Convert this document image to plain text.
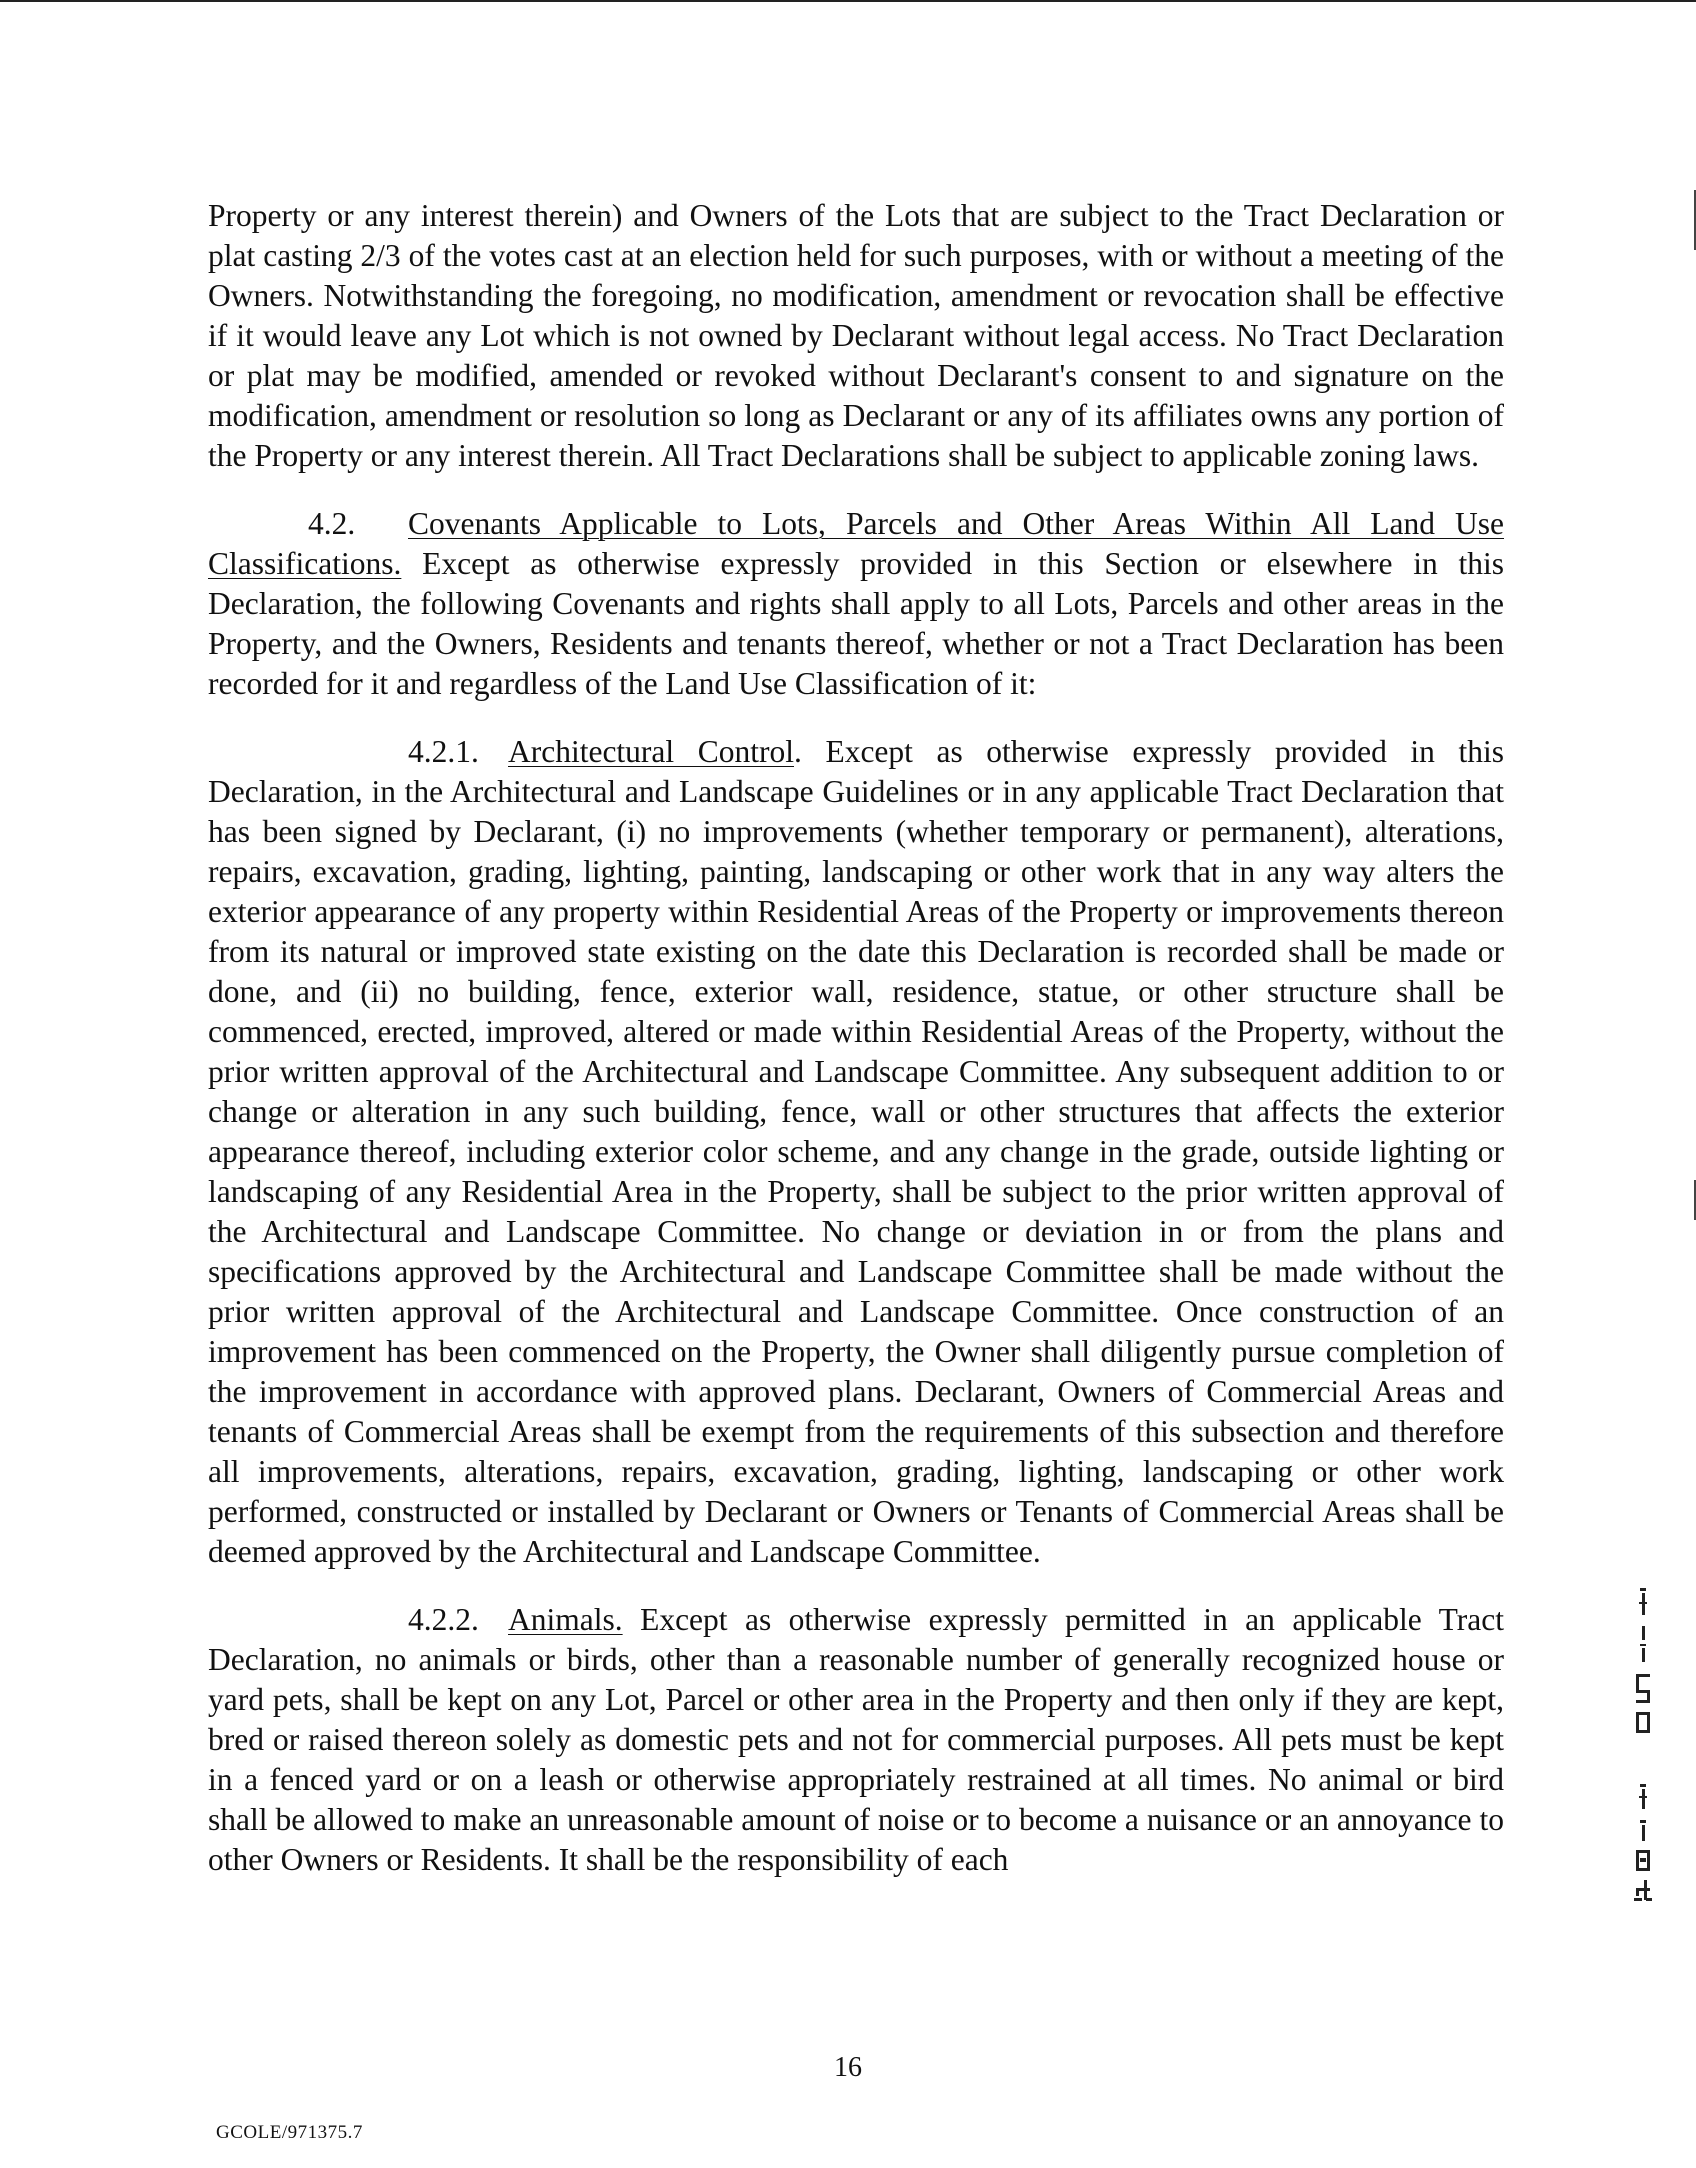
Property or any interest therein) and Owners of the Lots that are subject to the Tract Declaration or plat casting 2/3 of the votes cast at an election held for such purposes, with or without a meeting of the Owners. Notwithstanding the foregoing, no modification, amendment or revocation shall be effective if it would leave any Lot which is not owned by Declarant without legal access. No Tract Declaration or plat may be modified, amended or revoked without Declarant's consent to and signature on the modification, amendment or resolution so long as Declarant or any of its affiliates owns any portion of the Property or any interest therein. All Tract Declarations shall be subject to applicable zoning laws.

4.2. Covenants Applicable to Lots, Parcels and Other Areas Within All Land Use Classifications. Except as otherwise expressly provided in this Section or elsewhere in this Declaration, the following Covenants and rights shall apply to all Lots, Parcels and other areas in the Property, and the Owners, Residents and tenants thereof, whether or not a Tract Declaration has been recorded for it and regardless of the Land Use Classification of it:

4.2.1. Architectural Control. Except as otherwise expressly provided in this Declaration, in the Architectural and Landscape Guidelines or in any applicable Tract Declaration that has been signed by Declarant, (i) no improvements (whether temporary or permanent), alterations, repairs, excavation, grading, lighting, painting, landscaping or other work that in any way alters the exterior appearance of any property within Residential Areas of the Property or improvements thereon from its natural or improved state existing on the date this Declaration is recorded shall be made or done, and (ii) no building, fence, exterior wall, residence, statue, or other structure shall be commenced, erected, improved, altered or made within Residential Areas of the Property, without the prior written approval of the Architectural and Landscape Committee. Any subsequent addition to or change or alteration in any such building, fence, wall or other structures that affects the exterior appearance thereof, including exterior color scheme, and any change in the grade, outside lighting or landscaping of any Residential Area in the Property, shall be subject to the prior written approval of the Architectural and Landscape Committee. No change or deviation in or from the plans and specifications approved by the Architectural and Landscape Committee shall be made without the prior written approval of the Architectural and Landscape Committee. Once construction of an improvement has been commenced on the Property, the Owner shall diligently pursue completion of the improvement in accordance with approved plans. Declarant, Owners of Commercial Areas and tenants of Commercial Areas shall be exempt from the requirements of this subsection and therefore all improvements, alterations, repairs, excavation, grading, lighting, landscaping or other work performed, constructed or installed by Declarant or Owners or Tenants of Commercial Areas shall be deemed approved by the Architectural and Landscape Committee.

4.2.2. Animals. Except as otherwise expressly permitted in an applicable Tract Declaration, no animals or birds, other than a reasonable number of generally recognized house or yard pets, shall be kept on any Lot, Parcel or other area in the Property and then only if they are kept, bred or raised thereon solely as domestic pets and not for commercial purposes. All pets must be kept in a fenced yard or on a leash or otherwise appropriately restrained at all times. No animal or bird shall be allowed to make an unreasonable amount of noise or to become a nuisance or an annoyance to other Owners or Residents. It shall be the responsibility of each

16
GCOLE/971375.7
